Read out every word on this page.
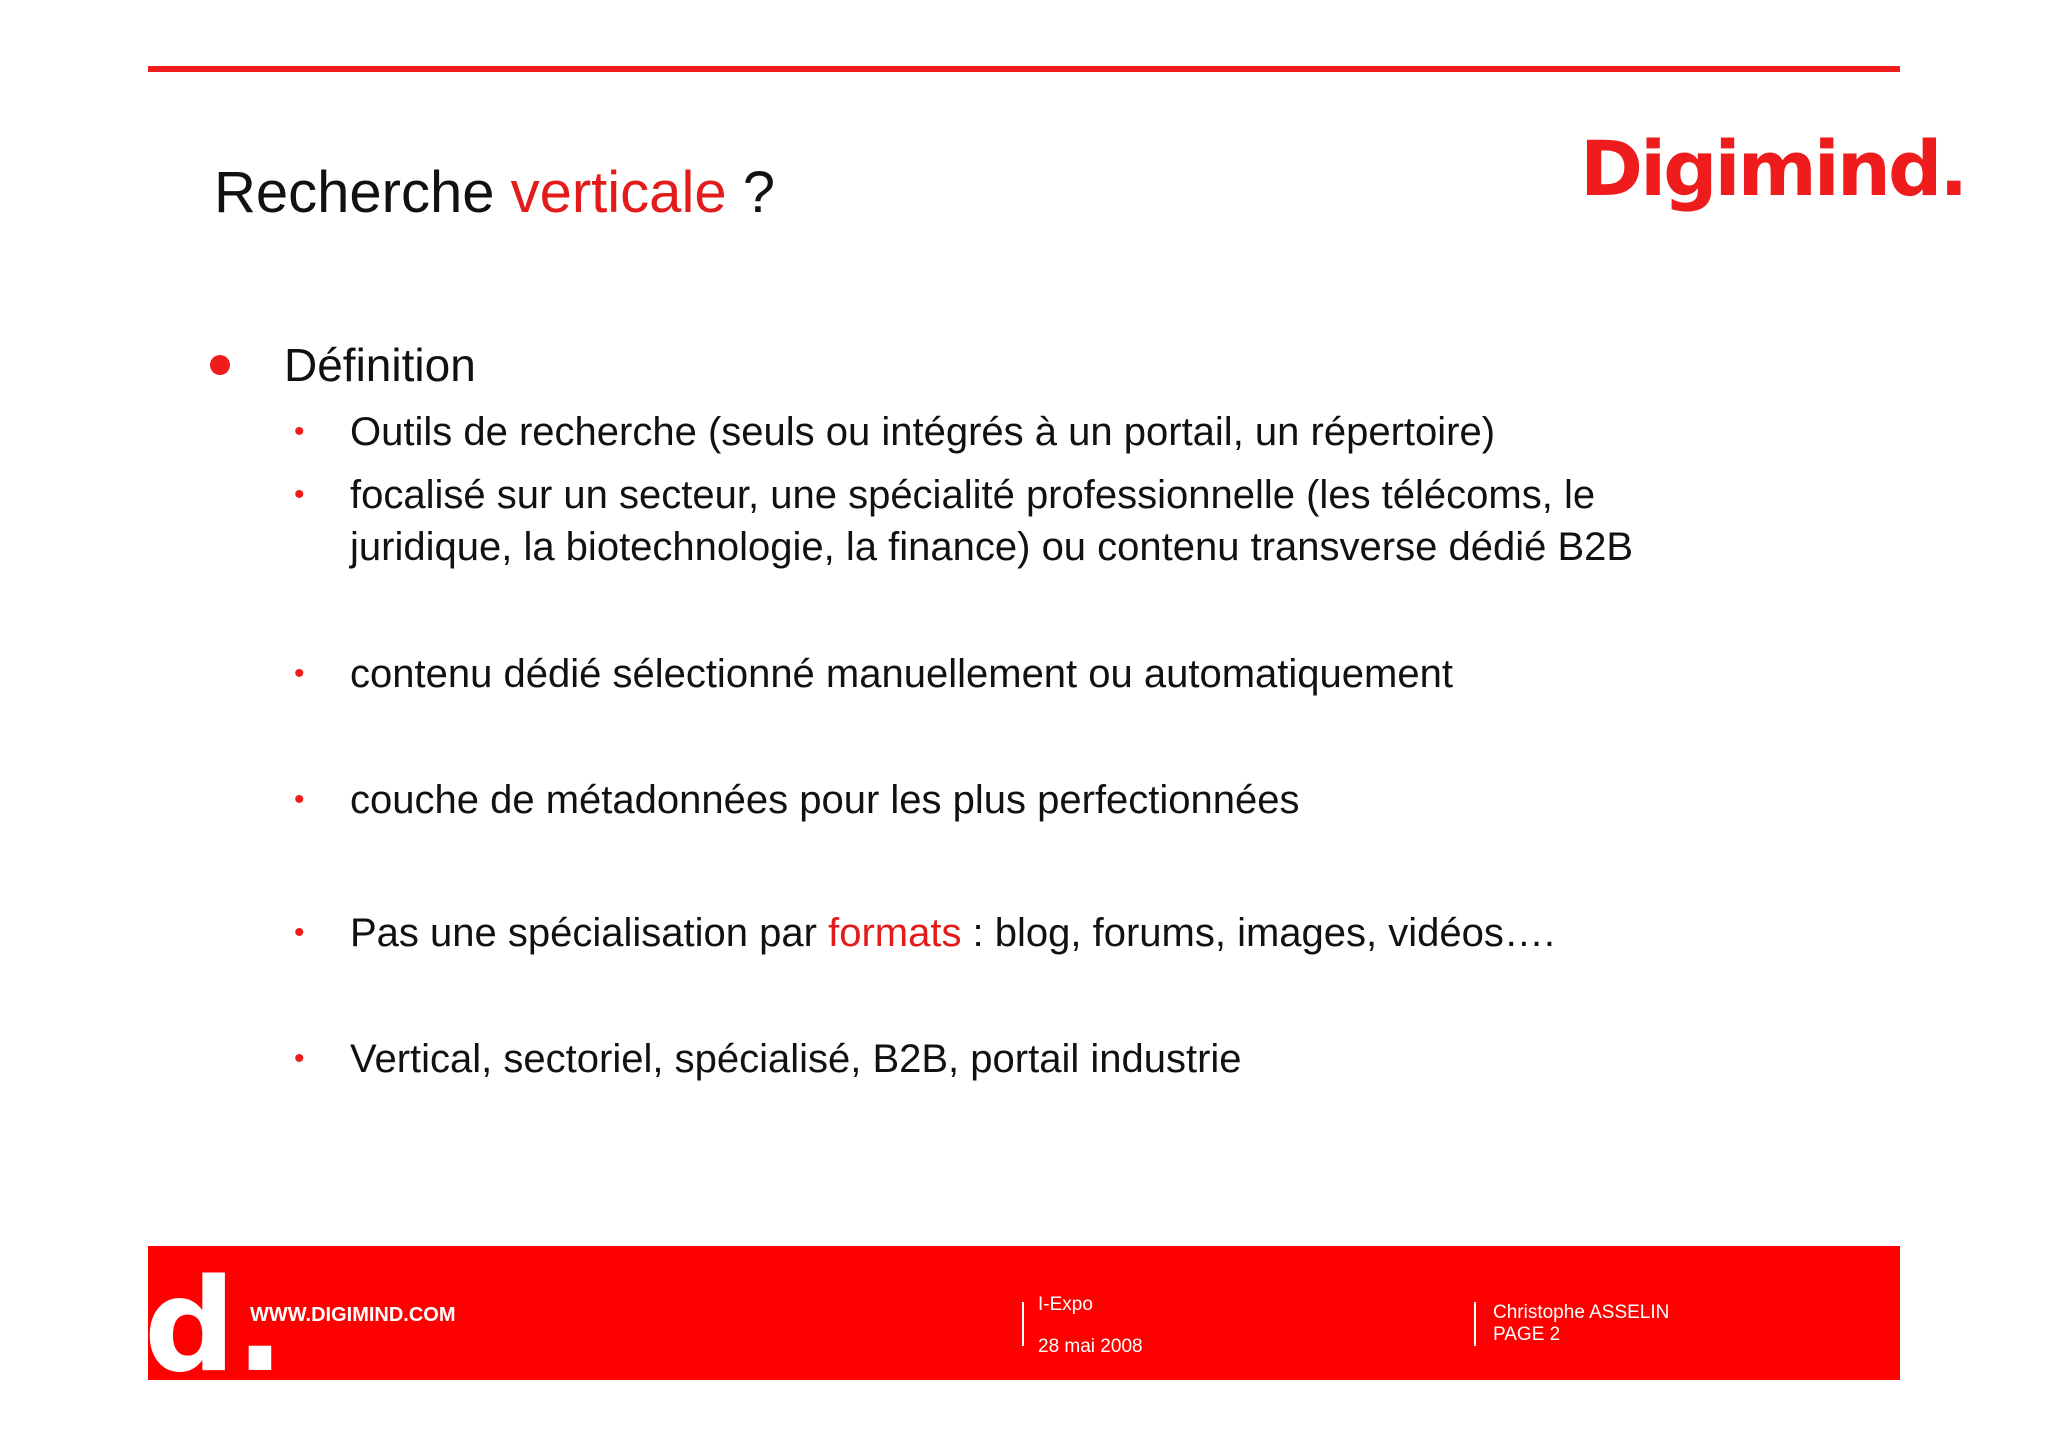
Recherche verticale ?	Digimind.
Définition
•	Outils de recherche (seuls ou intégrés à un portail, un répertoire)
•	focalisé sur un secteur, une spécialité professionnelle (les télécoms, le
juridique, la biotechnologie, la finance) ou contenu transverse dédié B2B
•	contenu dédié sélectionné manuellement ou automatiquement
•	couche de métadonnées pour les plus perfectionnées
•	Pas une spécialisation par formats : blog, forums, images, vidéos….
•	Vertical, sectoriel, spécialisé, B2B, portail industrie
d.
WWW.DIGIMIND.COM	I-Expo
28 mai 2008
Christophe ASSELIN
PAGE 2
